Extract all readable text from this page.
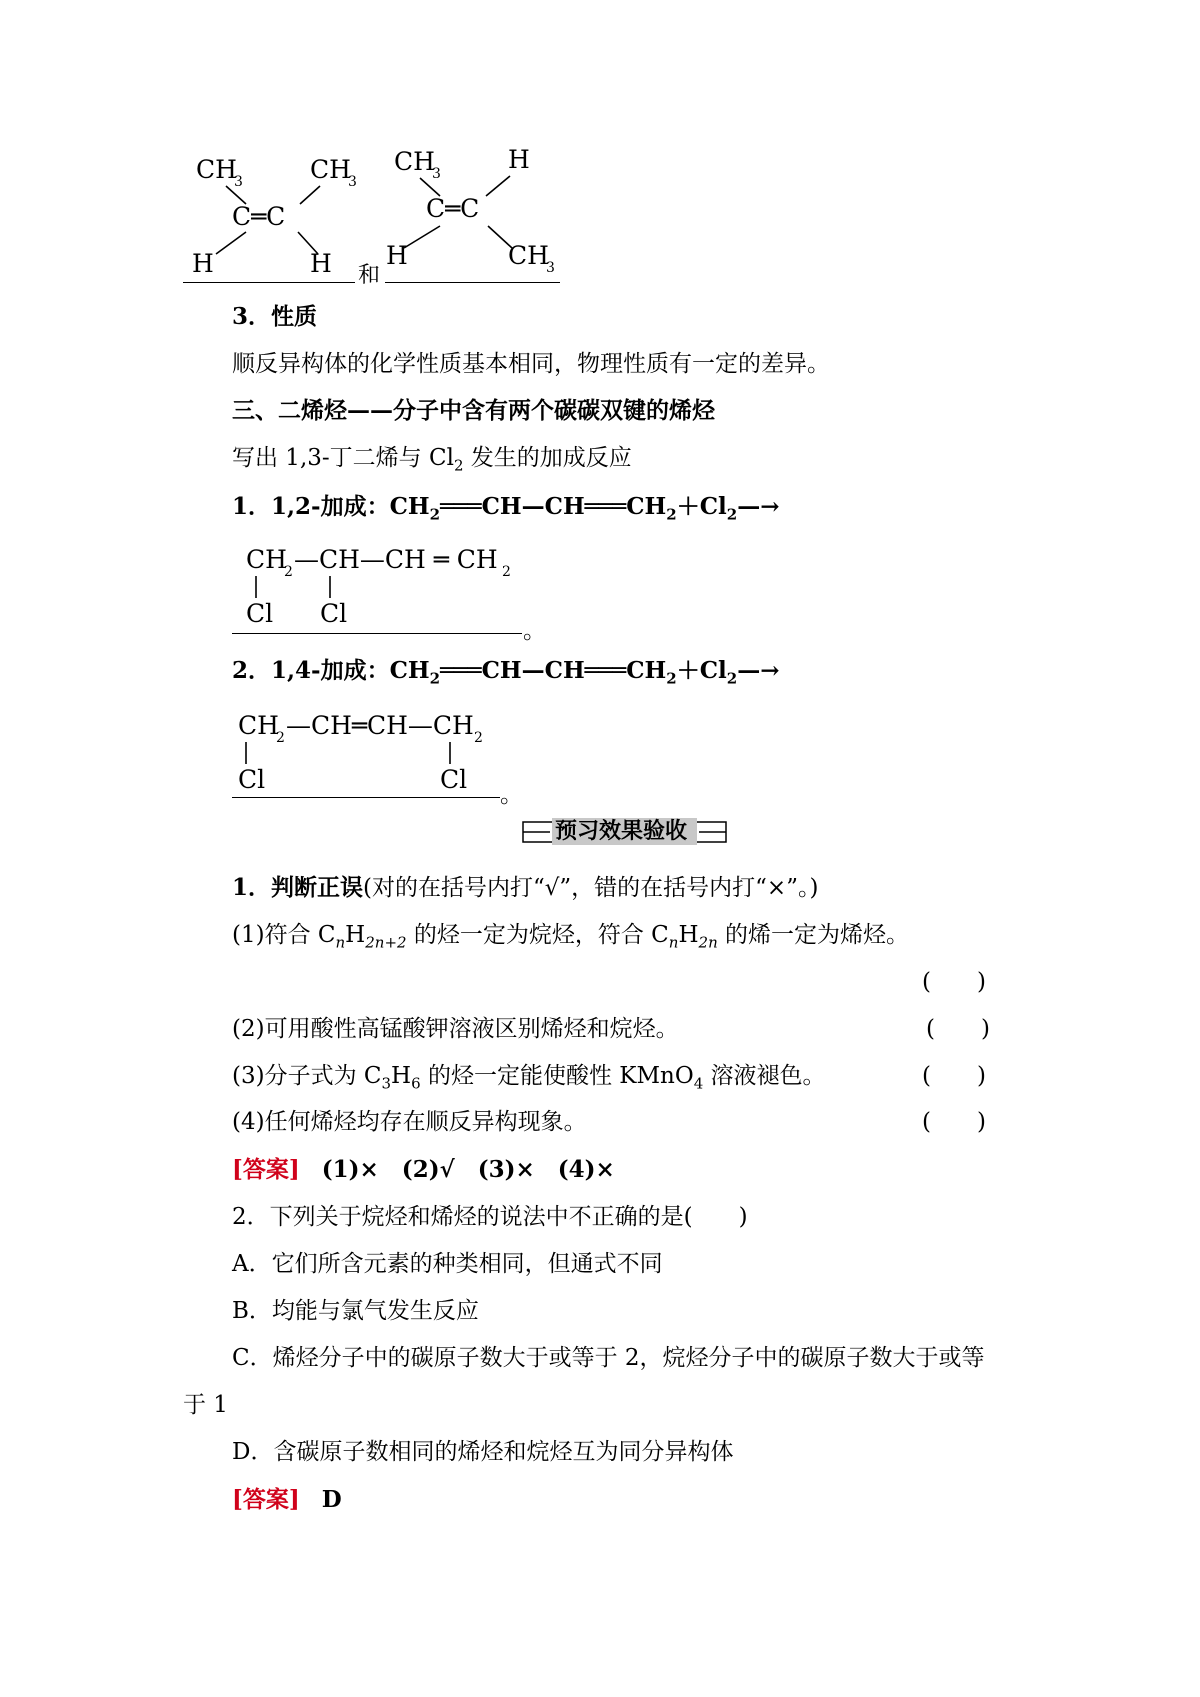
CH
3	CH
3
C═C
H	H
CH
3	H
C═C
H	CH
3
和
3．性质
顺反异构体的化学性质基本相同，物理性质有一定的差异。
三、二烯烃——分子中含有两个碳碳双键的烯烃
写出 1,3-丁二烯与 $Cl_2$ 发生的加成反应
1．1,2-加成：$CH_2═══CH—CH═══CH_2+Cl_2—\to$
CH
2 —CH—CH ═ CH 2
Cl Cl
。
2．1,4-加成：$CH_2═══CH—CH═══CH_2+Cl_2—\to$
CH
2 —CH═CH—CH 2
Cl	Cl
。
预习效果验收
1．判断正误(对的在括号内打“√”，错的在括号内打“×”。)
(1)符合 $C_nH_{2n+2}$ 的烃一定为烷烃，符合 $C_nH_{2n}$ 的烯一定为烯烃。
(　　)
(2)可用酸性高锰酸钾溶液区别烯烃和烷烃。	(　　)
(3)分子式为 $C_3H_6$ 的烃一定能使酸性 KMnO$_4$ 溶液褪色。	(　　)
(4)任何烯烃均存在顺反异构现象。	(　　)
[答案] (1)×　(2)√　(3)×　(4)×
2．下列关于烷烃和烯烃的说法中不正确的是(　　)
A．它们所含元素的种类相同，但通式不同
B．均能与氯气发生反应
C．烯烃分子中的碳原子数大于或等于 2，烷烃分子中的碳原子数大于或等
于 1
D．含碳原子数相同的烯烃和烷烃互为同分异构体
[答案] D
